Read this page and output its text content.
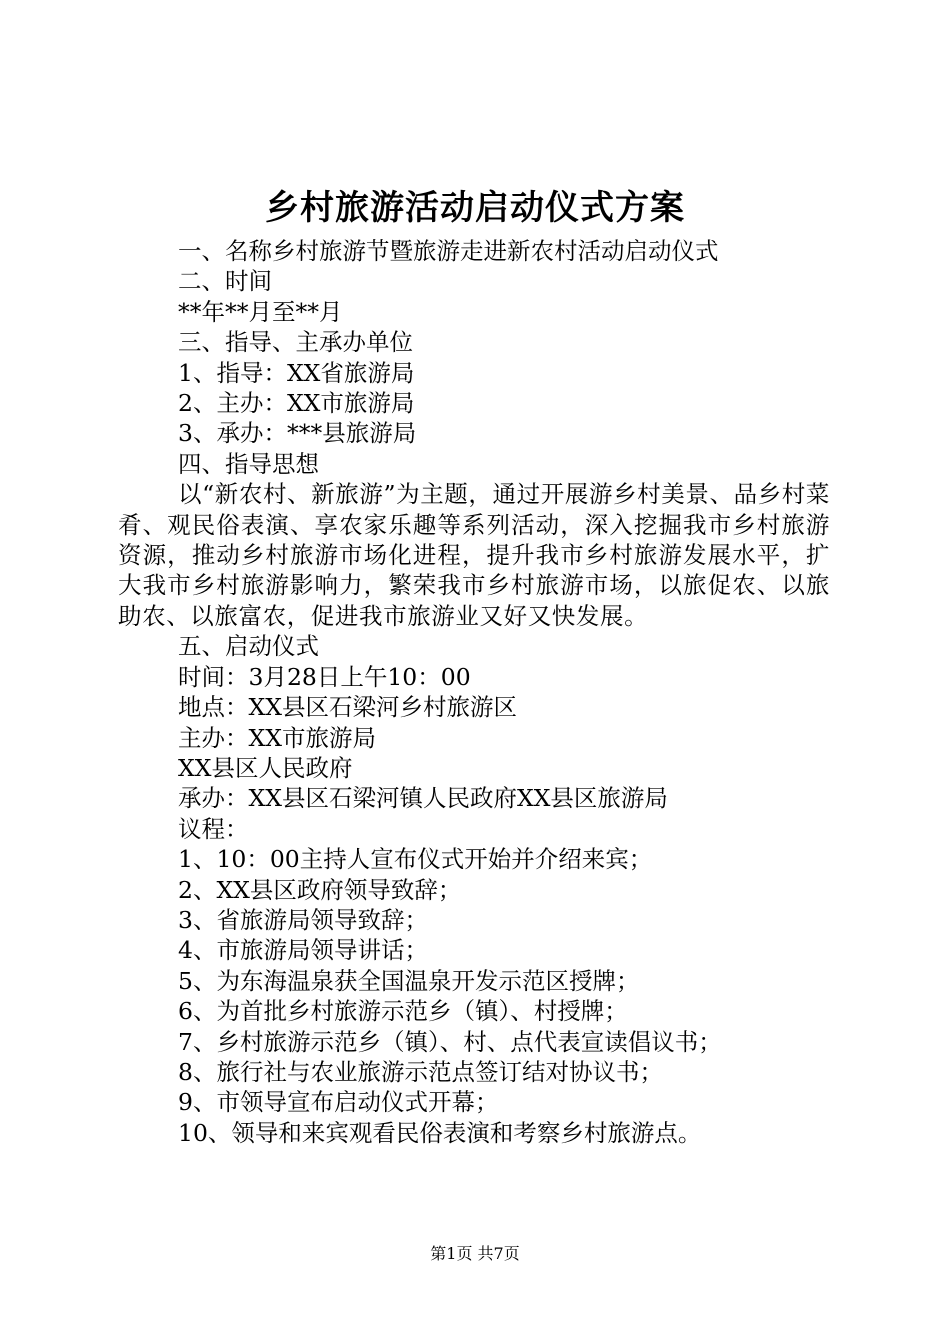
乡村旅游活动启动仪式方案
一、名称乡村旅游节暨旅游走进新农村活动启动仪式
二、时间
**年**月至**月
三、指导、主承办单位
1、指导：XX省旅游局
2、主办：XX市旅游局
3、承办：***县旅游局
四、指导思想
以“新农村、新旅游”为主题，通过开展游乡村美景、品乡村菜肴、观民俗表演、享农家乐趣等系列活动，深入挖掘我市乡村旅游资源，推动乡村旅游市场化进程，提升我市乡村旅游发展水平，扩大我市乡村旅游影响力，繁荣我市乡村旅游市场，以旅促农、以旅助农、以旅富农，促进我市旅游业又好又快发展。
五、启动仪式
时间：3月28日上午10：00
地点：XX县区石梁河乡村旅游区
主办：XX市旅游局
XX县区人民政府
承办：XX县区石梁河镇人民政府XX县区旅游局
议程：
1、10：00主持人宣布仪式开始并介绍来宾；
2、XX县区政府领导致辞；
3、省旅游局领导致辞；
4、市旅游局领导讲话；
5、为东海温泉获全国温泉开发示范区授牌；
6、为首批乡村旅游示范乡（镇）、村授牌；
7、乡村旅游示范乡（镇）、村、点代表宣读倡议书；
8、旅行社与农业旅游示范点签订结对协议书；
9、市领导宣布启动仪式开幕；
10、领导和来宾观看民俗表演和考察乡村旅游点。
第1页 共7页
